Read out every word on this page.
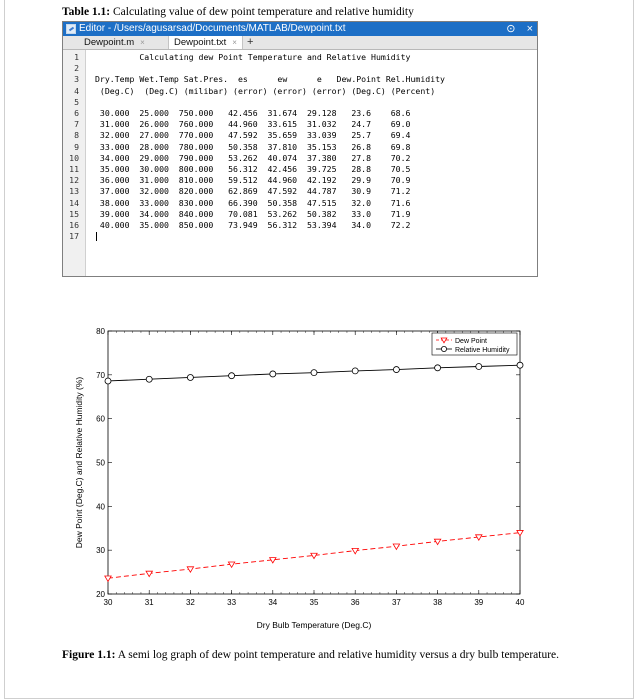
Table 1.1: Calculating value of dew point temperature and relative humidity
Editor - /Users/agusarsad/Documents/MATLAB/Dewpoint.txt	⊙ ×
Dewpoint.m ×	Dewpoint.txt × +
1 Calculating dew Point Temperature and Relative Humidity
2
3 Dry.Temp Wet.Temp Sat.Pres.  es      ew      e   Dew.Point Rel.Humidity
4 (Deg.C)  (Deg.C) (milibar) (error) (error) (error) (Deg.C) (Percent)
5
6 30.000  25.000  750.000   42.456  31.674  29.128   23.6    68.6
7 31.000  26.000  760.000   44.960  33.615  31.032   24.7    69.0
8 32.000  27.000  770.000   47.592  35.659  33.039   25.7    69.4
9 33.000  28.000  780.000   50.358  37.810  35.153   26.8    69.8
10 34.000  29.000  790.000   53.262  40.074  37.380   27.8    70.2
11 35.000  30.000  800.000   56.312  42.456  39.725   28.8    70.5
12 36.000  31.000  810.000   59.512  44.960  42.192   29.9    70.9
13 37.000  32.000  820.000   62.869  47.592  44.787   30.9    71.2
14 38.000  33.000  830.000   66.390  50.358  47.515   32.0    71.6
15 39.000  34.000  840.000   70.081  53.262  50.382   33.0    71.9
16 40.000  35.000  850.000   73.949  56.312  53.394   34.0    72.2
17
30	31	32	33	34	35	36	37	38	39	40
20
30
40
50
60
70
80
Dry Bulb Temperature (Deg.C)
Dew Point (Deg.C) and Relative Humidity (%)
Dew Point
Relative Humidity
Figure 1.1: A semi log graph of dew point temperature and relative humidity versus a dry bulb temperature.
